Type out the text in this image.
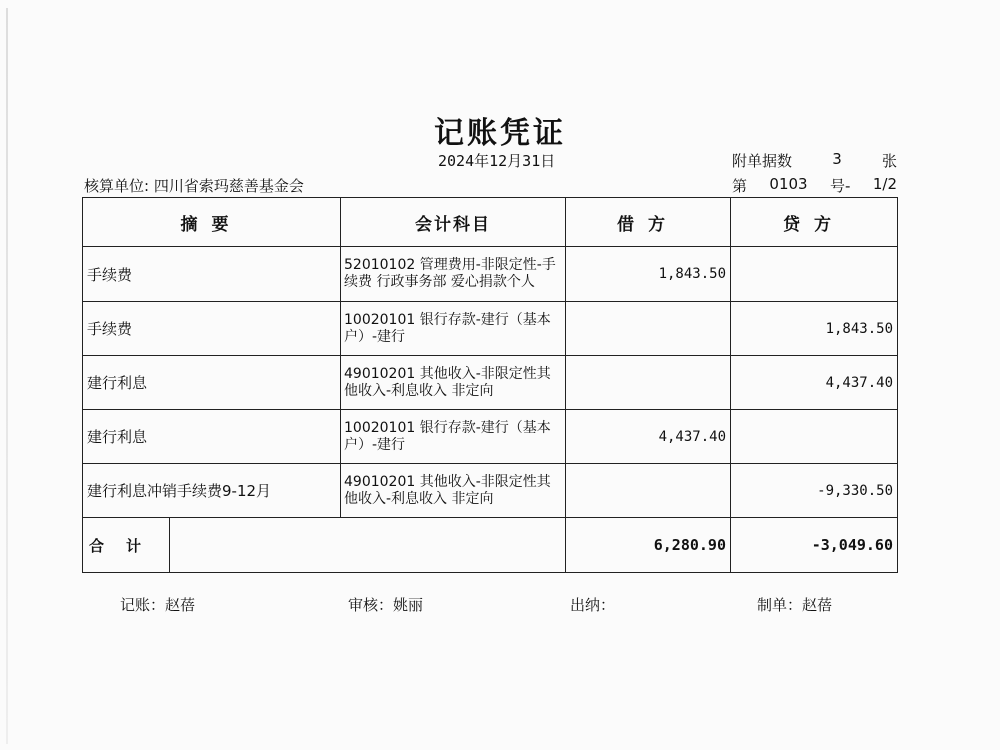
记账凭证
2024年12月31日	附单据数	3	张
核算单位: 四川省索玛慈善基金会	第 0103 号- 1/2
摘要		会计科目	借方	贷方
手续费		52010102 管理费用-非限定性-手续费 行政事务部 爱心捐款个人	1,843.50	
手续费		10020101 银行存款-建行（基本户）-建行		1,843.50
建行利息		49010201 其他收入-非限定性其他收入-利息收入 非定向		4,437.40
建行利息		10020101 银行存款-建行（基本户）-建行	4,437.40	
建行利息冲销手续费9-12月		49010201 其他收入-非限定性其他收入-利息收入 非定向		-9,330.50
合计			6,280.90	-3,049.60
记账：赵蓓	审核：姚丽	出纳：	制单：赵蓓
